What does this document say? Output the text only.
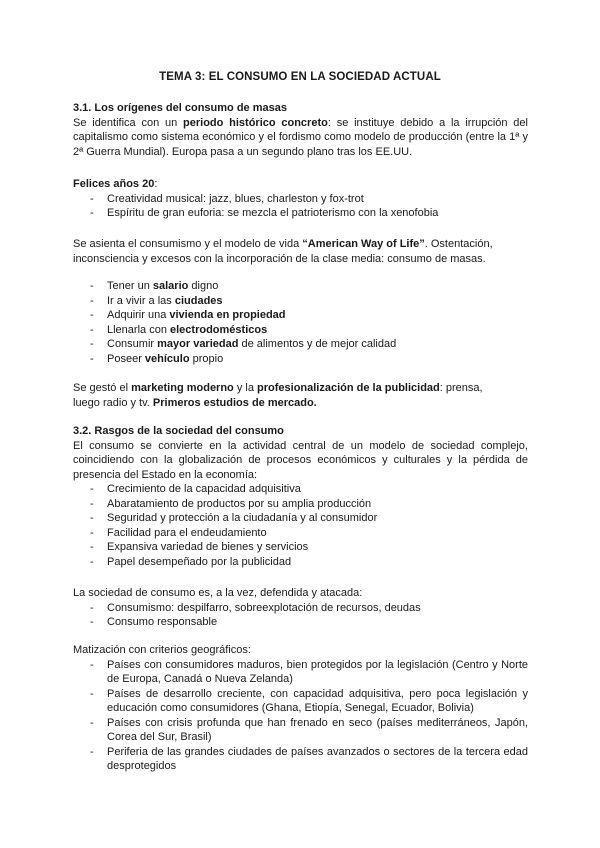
TEMA 3: EL CONSUMO EN LA SOCIEDAD ACTUAL
3.1. Los orígenes del consumo de masas
Se identifica con un periodo histórico concreto: se instituye debido a la irrupción del capitalismo como sistema económico y el fordismo como modelo de producción (entre la 1ª y 2ª Guerra Mundial). Europa pasa a un segundo plano tras los EE.UU.
Felices años 20:
- Creatividad musical: jazz, blues, charleston y fox-trot
- Espíritu de gran euforia: se mezcla el patrioterismo con la xenofobia
Se asienta el consumismo y el modelo de vida “American Way of Life”. Ostentación, inconsciencia y excesos con la incorporación de la clase media: consumo de masas.
- Tener un salario digno
- Ir a vivir a las ciudades
- Adquirir una vivienda en propiedad
- Llenarla con electrodomésticos
- Consumir mayor variedad de alimentos y de mejor calidad
- Poseer vehículo propio
Se gestó el marketing moderno y la profesionalización de la publicidad: prensa,
luego radio y tv. Primeros estudios de mercado.
3.2. Rasgos de la sociedad del consumo
El consumo se convierte en la actividad central de un modelo de sociedad complejo, coincidiendo con la globalización de procesos económicos y culturales y la pérdida de presencia del Estado en la economía:
- Crecimiento de la capacidad adquisitiva
- Abaratamiento de productos por su amplia producción
- Seguridad y protección a la ciudadanía y al consumidor
- Facilidad para el endeudamiento
- Expansiva variedad de bienes y servicios
- Papel desempeñado por la publicidad
La sociedad de consumo es, a la vez, defendida y atacada:
- Consumismo: despilfarro, sobreexplotación de recursos, deudas
- Consumo responsable
Matización con criterios geográficos:
- Países con consumidores maduros, bien protegidos por la legislación (Centro y Norte de Europa, Canadá o Nueva Zelanda)
- Países de desarrollo creciente, con capacidad adquisitiva, pero poca legislación y educación como consumidores (Ghana, Etiopía, Senegal, Ecuador, Bolivia)
- Países con crisis profunda que han frenado en seco (países mediterráneos, Japón, Corea del Sur, Brasil)
- Periferia de las grandes ciudades de países avanzados o sectores de la tercera edad desprotegidos
